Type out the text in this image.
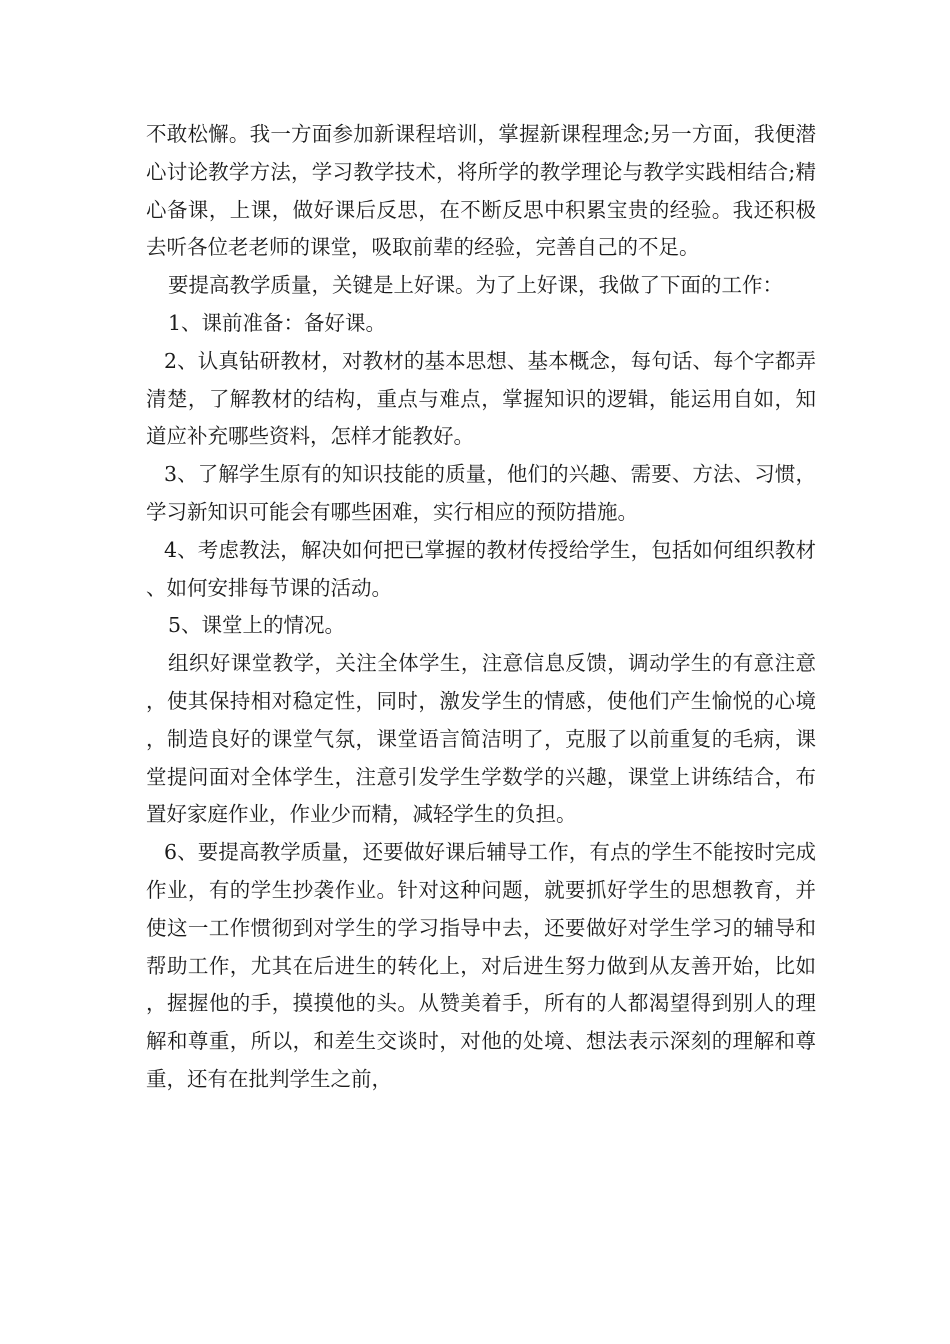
不敢松懈。我一方面参加新课程培训，掌握新课程理念;另一方面，我便潜心讨论教学方法，学习教学技术，将所学的教学理论与教学实践相结合;精心备课，上课，做好课后反思，在不断反思中积累宝贵的经验。我还积极去听各位老老师的课堂，吸取前辈的经验，完善自己的不足。

要提高教学质量，关键是上好课。为了上好课，我做了下面的工作：

1、课前准备：备好课。

2、认真钻研教材，对教材的基本思想、基本概念，每句话、每个字都弄清楚，了解教材的结构，重点与难点，掌握知识的逻辑，能运用自如，知道应补充哪些资料，怎样才能教好。

3、了解学生原有的知识技能的质量，他们的兴趣、需要、方法、习惯，学习新知识可能会有哪些困难，实行相应的预防措施。

4、考虑教法，解决如何把已掌握的教材传授给学生，包括如何组织教材、如何安排每节课的活动。

5、课堂上的情况。

组织好课堂教学，关注全体学生，注意信息反馈，调动学生的有意注意，使其保持相对稳定性，同时，激发学生的情感，使他们产生愉悦的心境，制造良好的课堂气氛，课堂语言简洁明了，克服了以前重复的毛病，课堂提问面对全体学生，注意引发学生学数学的兴趣，课堂上讲练结合，布置好家庭作业，作业少而精，减轻学生的负担。

6、要提高教学质量，还要做好课后辅导工作，有点的学生不能按时完成作业，有的学生抄袭作业。针对这种问题，就要抓好学生的思想教育，并使这一工作惯彻到对学生的学习指导中去，还要做好对学生学习的辅导和帮助工作，尤其在后进生的转化上，对后进生努力做到从友善开始，比如，握握他的手，摸摸他的头。从赞美着手，所有的人都渴望得到别人的理解和尊重，所以，和差生交谈时，对他的处境、想法表示深刻的理解和尊重，还有在批判学生之前，
